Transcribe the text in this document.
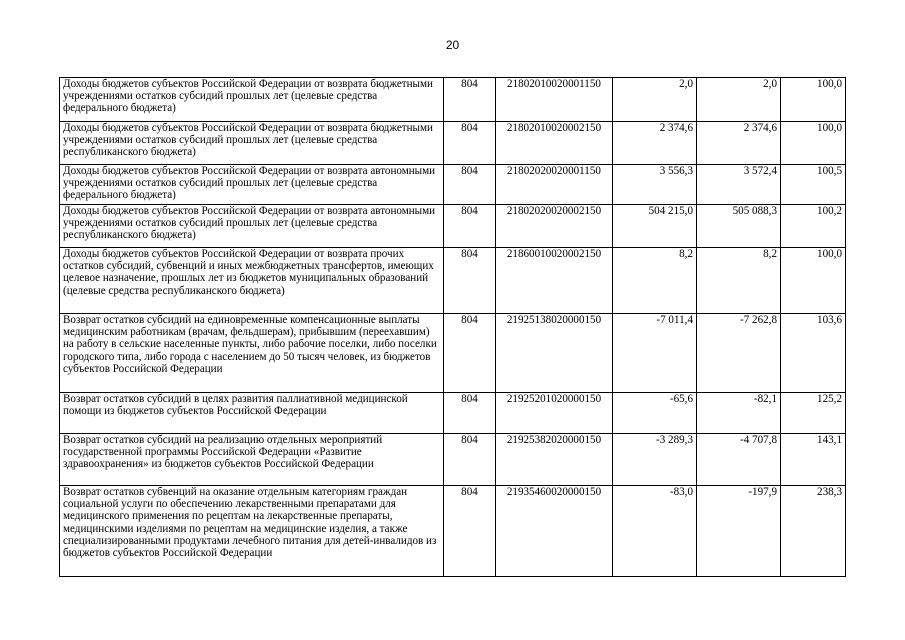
20
Доходы бюджетов субъектов Российской Федерации от возврата бюджетными учреждениями остатков субсидий прошлых лет (целевые средства федерального бюджета)	804	21802010020001150	2,0	2,0	100,0
Доходы бюджетов субъектов Российской Федерации от возврата бюджетными учреждениями остатков субсидий прошлых лет (целевые средства республиканского бюджета)	804	21802010020002150	2 374,6	2 374,6	100,0
Доходы бюджетов субъектов Российской Федерации от возврата автономными учреждениями остатков субсидий прошлых лет (целевые средства федерального бюджета)	804	21802020020001150	3 556,3	3 572,4	100,5
Доходы бюджетов субъектов Российской Федерации от возврата автономными учреждениями остатков субсидий прошлых лет (целевые средства республиканского бюджета)	804	21802020020002150	504 215,0	505 088,3	100,2
Доходы бюджетов субъектов Российской Федерации от возврата прочих остатков субсидий, субвенций и иных межбюджетных трансфертов, имеющих целевое назначение, прошлых лет из бюджетов муниципальных образований (целевые средства республиканского бюджета)	804	21860010020002150	8,2	8,2	100,0
Возврат остатков субсидий на единовременные компенсационные выплаты медицинским работникам (врачам, фельдшерам), прибывшим (переехавшим) на работу в сельские населенные пункты, либо рабочие поселки, либо поселки городского типа, либо города с населением до 50 тысяч человек, из бюджетов субъектов Российской Федерации	804	21925138020000150	-7 011,4	-7 262,8	103,6
Возврат остатков субсидий в целях развития паллиативной медицинской помощи из бюджетов субъектов Российской Федерации	804	21925201020000150	-65,6	-82,1	125,2
Возврат остатков субсидий на реализацию отдельных мероприятий государственной программы Российской Федерации «Развитие здравоохранения» из бюджетов субъектов Российской Федерации	804	21925382020000150	-3 289,3	-4 707,8	143,1
Возврат остатков субвенций на оказание отдельным категориям граждан социальной услуги по обеспечению лекарственными препаратами для медицинского применения по рецептам на лекарственные препараты, медицинскими изделиями по рецептам на медицинские изделия, а также специализированными продуктами лечебного питания для детей-инвалидов из бюджетов субъектов Российской Федерации	804	21935460020000150	-83,0	-197,9	238,3
